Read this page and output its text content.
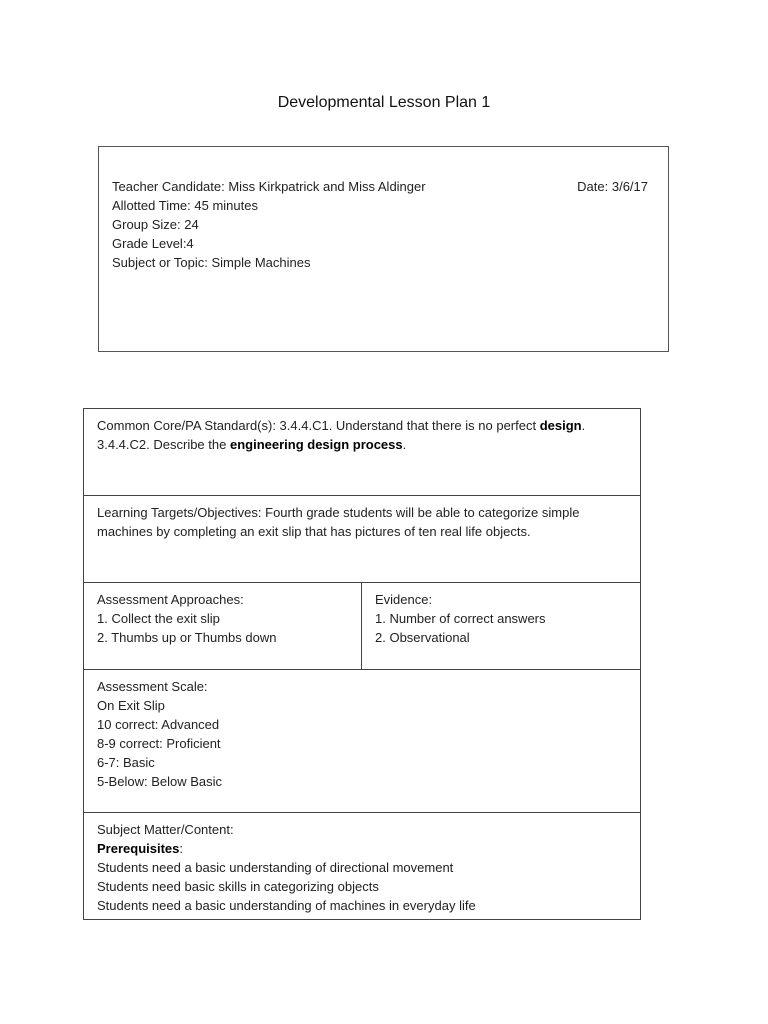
Developmental Lesson Plan 1
Teacher Candidate: Miss Kirkpatrick and Miss Aldinger
Allotted Time: 45 minutes
Group Size: 24
Grade Level:4
Subject or Topic: Simple Machines
Date: 3/6/17
Common Core/PA Standard(s): 3.4.4.C1. Understand that there is no perfect design. 3.4.4.C2. Describe the engineering design process.
Learning Targets/Objectives: Fourth grade students will be able to categorize simple machines by completing an exit slip that has pictures of ten real life objects.
Assessment Approaches:
1. Collect the exit slip
2. Thumbs up or Thumbs down
Evidence:
1. Number of correct answers
2. Observational
Assessment Scale:
On Exit Slip
10 correct: Advanced
8-9 correct: Proficient
6-7: Basic
5-Below: Below Basic
Subject Matter/Content:
Prerequisites:
Students need a basic understanding of directional movement
Students need basic skills in categorizing objects
Students need a basic understanding of machines in everyday life
